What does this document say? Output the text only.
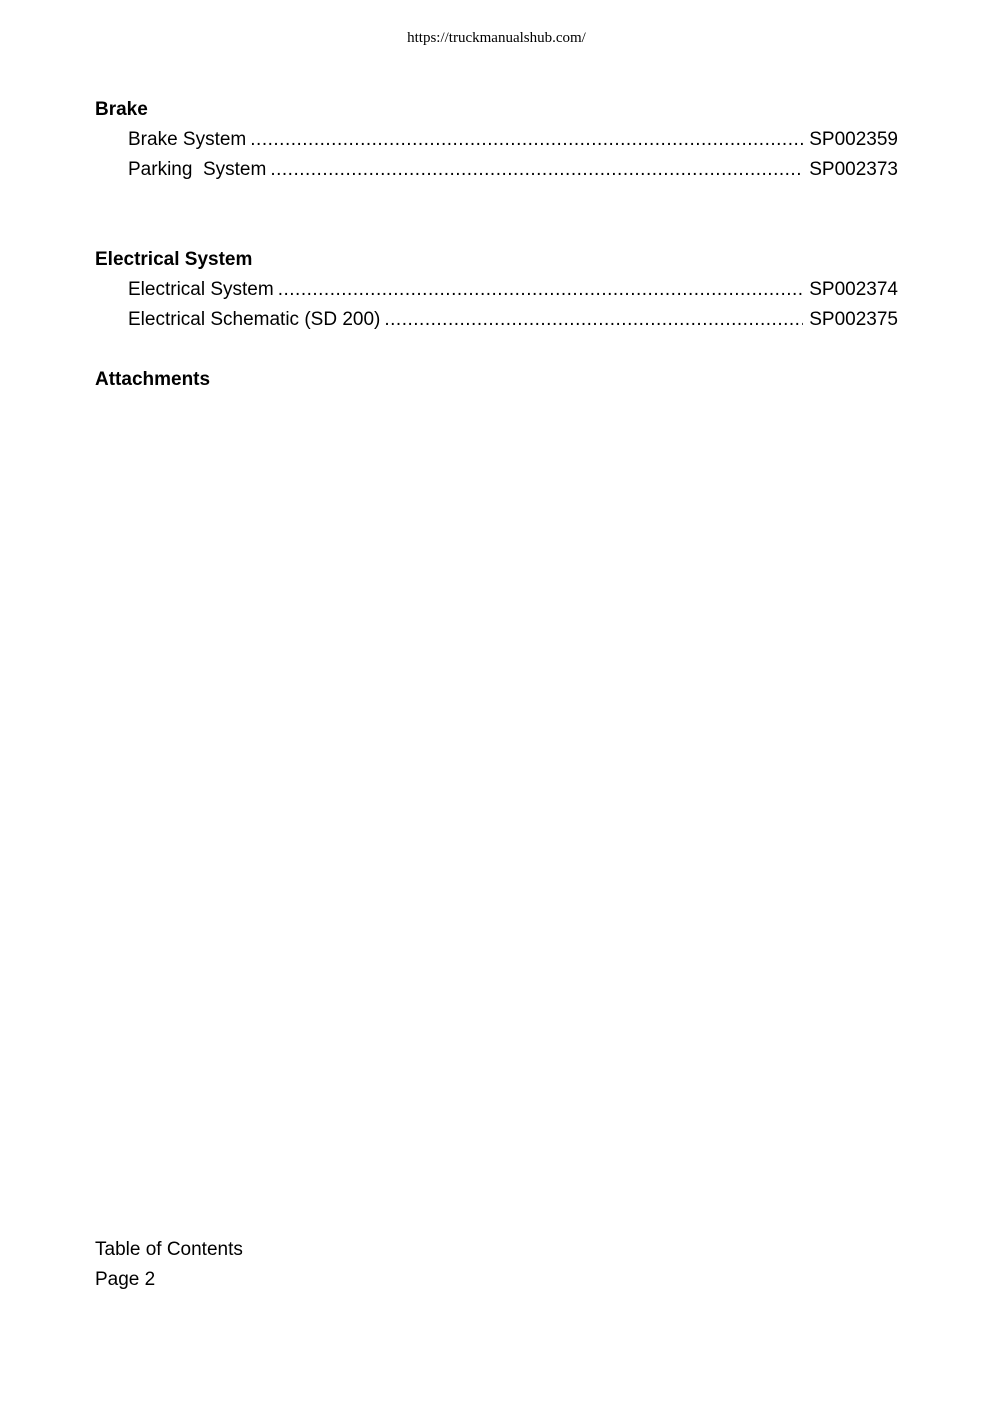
https://truckmanualshub.com/
Brake
Brake System .....	SP002359
Parking  System .....	SP002373
Electrical System
Electrical System .....	SP002374
Electrical Schematic (SD 200) .....	SP002375
Attachments
Table of Contents
Page 2
